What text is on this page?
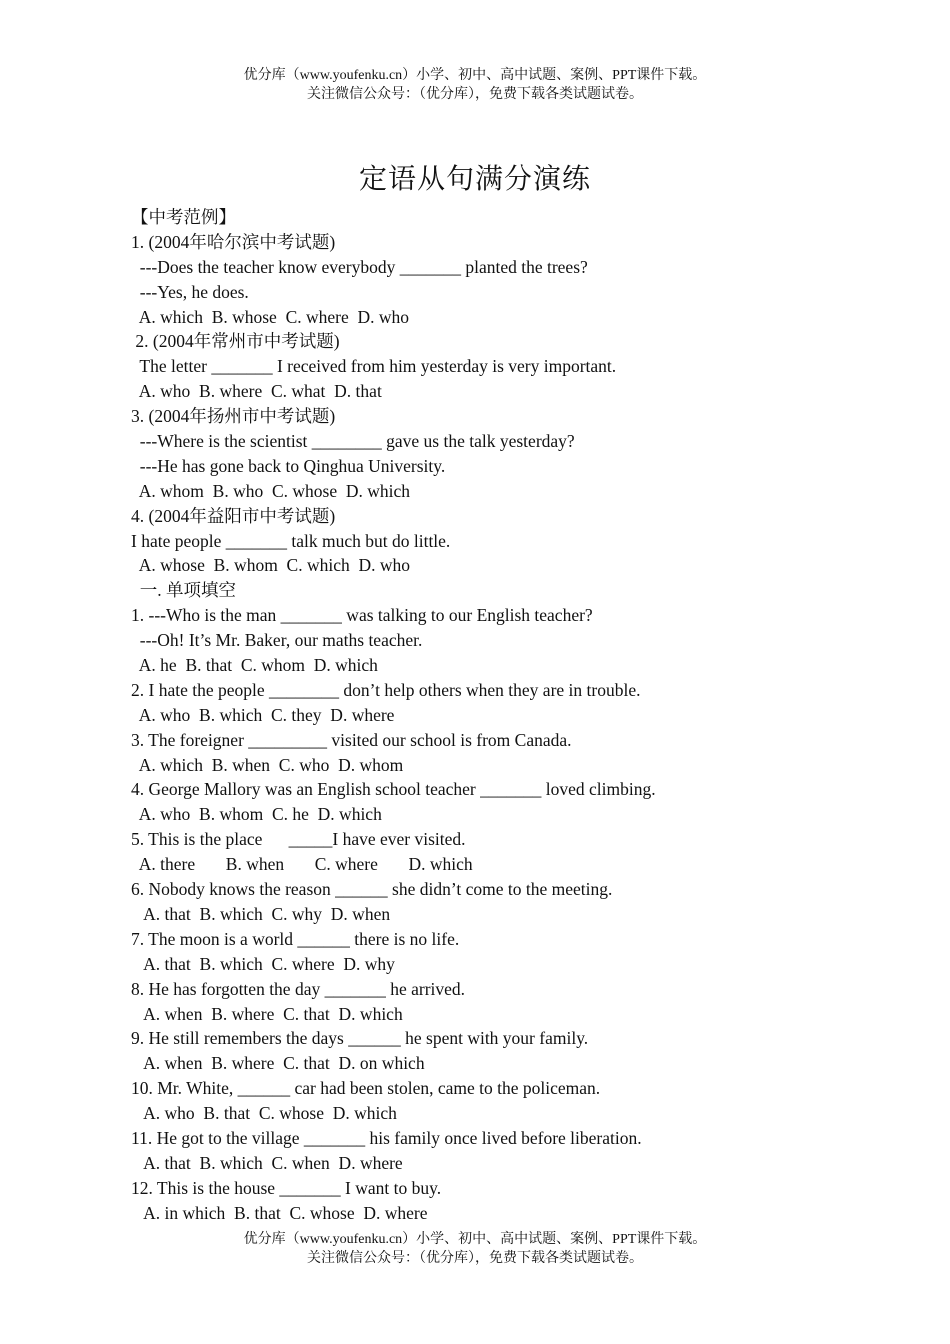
优分库（www.youfenku.cn）小学、初中、高中试题、案例、PPT课件下载。
关注微信公众号：（优分库），免费下载各类试题试卷。
定语从句满分演练
【中考范例】
1. (2004年哈尔滨中考试题)
---Does the teacher know everybody _______ planted the trees?
---Yes, he does.
A. which  B. whose  C. where  D. who
2. (2004年常州市中考试题)
The letter _______ I received from him yesterday is very important.
A. who  B. where  C. what  D. that
3. (2004年扬州市中考试题)
---Where is the scientist ________ gave us the talk yesterday?
---He has gone back to Qinghua University.
A. whom  B. who  C. whose  D. which
4. (2004年益阳市中考试题)
I hate people _______ talk much but do little.
A. whose  B. whom  C. which  D. who
一. 单项填空
1. ---Who is the man _______ was talking to our English teacher?
---Oh! It’s Mr. Baker, our maths teacher.
A. he  B. that  C. whom  D. which
2. I hate the people ________ don’t help others when they are in trouble.
A. who  B. which  C. they  D. where
3. The foreigner _________ visited our school is from Canada.
A. which  B. when  C. who  D. whom
4. George Mallory was an English school teacher _______ loved climbing.
A. who  B. whom  C. he  D. which
5. This is the place      _____I have ever visited.
A. there       B. when       C. where       D. which
6. Nobody knows the reason ______ she didn’t come to the meeting.
A. that  B. which  C. why  D. when
7. The moon is a world ______ there is no life.
A. that  B. which  C. where  D. why
8. He has forgotten the day _______ he arrived.
A. when  B. where  C. that  D. which
9. He still remembers the days ______ he spent with your family.
A. when  B. where  C. that  D. on which
10. Mr. White, ______ car had been stolen, came to the policeman.
A. who  B. that  C. whose  D. which
11. He got to the village _______ his family once lived before liberation.
A. that  B. which  C. when  D. where
12. This is the house _______ I want to buy.
A. in which  B. that  C. whose  D. where
优分库（www.youfenku.cn）小学、初中、高中试题、案例、PPT课件下载。
关注微信公众号：（优分库），免费下载各类试题试卷。
